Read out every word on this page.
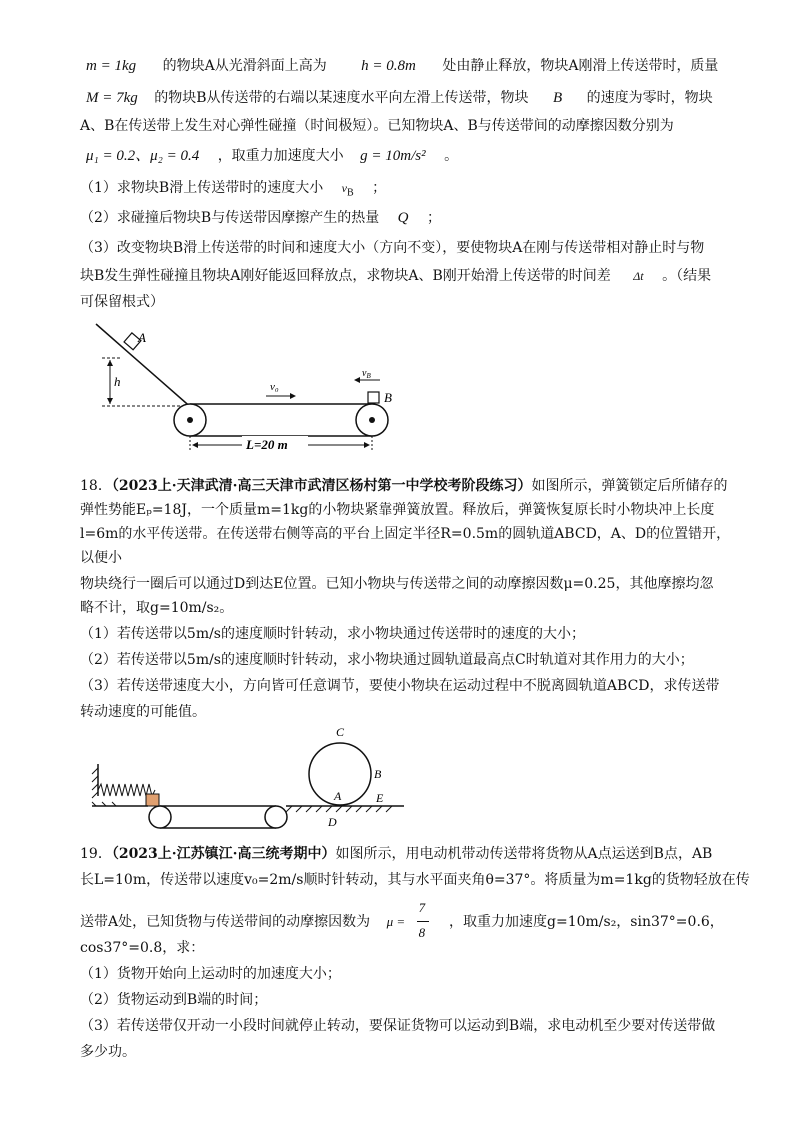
m = 1kg 的物块A从光滑斜面上高为 h = 0.8m 处由静止释放，物块A刚滑上传送带时，质量
M = 7kg 的物块B从传送带的右端以某速度水平向左滑上传送带，物块 B 的速度为零时，物块
A、B在传送带上发生对心弹性碰撞（时间极短）。已知物块A、B与传送带间的动摩擦因数分别为
μ₁ = 0.2、μ₂ = 0.4 ，取重力加速度大小 g = 10m/s² 。
（1）求物块B滑上传送带时的速度大小 $v_B$ ；
（2）求碰撞后物块B与传送带因摩擦产生的热量 Q ；
（3）改变物块B滑上传送带的时间和速度大小（方向不变），要使物块A在刚与传送带相对静止时与物
块B发生弹性碰撞且物块A刚好能返回释放点，求物块A、B刚开始滑上传送带的时间差 Δt 。（结果
可保留根式）
A
h	v₀
B
$v_B$
L=20 m
18．（2023上·天津武清·高三天津市武清区杨村第一中学校考阶段练习）如图所示，弹簧锁定后所储存的
弹性势能Eₚ=18J，一个质量m=1kg的小物块紧靠弹簧放置。释放后，弹簧恢复原长时小物块冲上长度
l=6m的水平传送带。在传送带右侧等高的平台上固定半径R=0.5m的圆轨道ABCD，A、D的位置错开，
以便小
物块绕行一圈后可以通过D到达E位置。已知小物块与传送带之间的动摩擦因数μ=0.25，其他摩擦均忽
略不计，取g=10m/s₂。
（1）若传送带以5m/s的速度顺时针转动，求小物块通过传送带时的速度的大小；
（2）若传送带以5m/s的速度顺时针转动，求小物块通过圆轨道最高点C时轨道对其作用力的大小；
（3）若传送带速度大小，方向皆可任意调节，要使小物块在运动过程中不脱离圆轨道ABCD，求传送带
转动速度的可能值。
C
B
A	E
D
19．（2023上·江苏镇江·高三统考期中）如图所示，用电动机带动传送带将货物从A点运送到B点，AB
长L=10m，传送带以速度v₀=2m/s顺时针转动，其与水平面夹角θ=37°。将质量为m=1kg的货物轻放在传
送带A处，已知货物与传送带间的动摩擦因数为 μ =
7
8
，取重力加速度g=10m/s₂，sin37°=0.6，
cos37°=0.8，求：
（1）货物开始向上运动时的加速度大小；
（2）货物运动到B端的时间；
（3）若传送带仅开动一小段时间就停止转动，要保证货物可以运动到B端，求电动机至少要对传送带做
多少功。
